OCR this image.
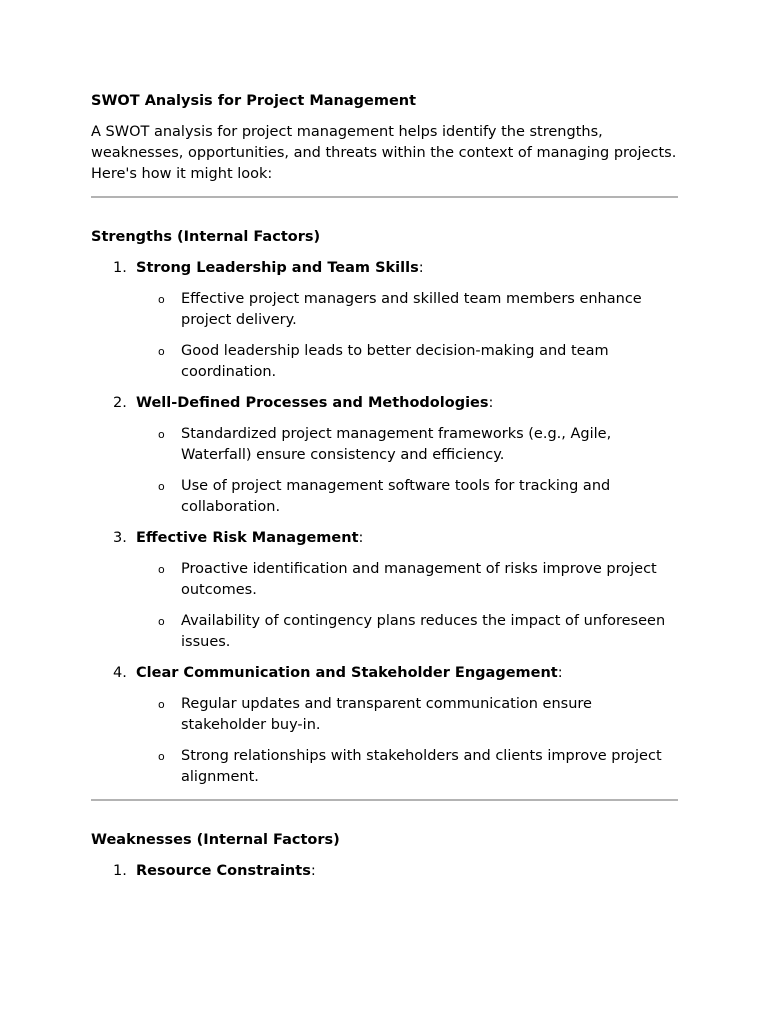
SWOT Analysis for Project Management
A SWOT analysis for project management helps identify the strengths, weaknesses, opportunities, and threats within the context of managing projects. Here's how it might look:
Strengths (Internal Factors)
1. Strong Leadership and Team Skills:
o Effective project managers and skilled team members enhance project delivery.
o Good leadership leads to better decision-making and team coordination.
2. Well-Defined Processes and Methodologies:
o Standardized project management frameworks (e.g., Agile, Waterfall) ensure consistency and efficiency.
o Use of project management software tools for tracking and collaboration.
3. Effective Risk Management:
o Proactive identification and management of risks improve project outcomes.
o Availability of contingency plans reduces the impact of unforeseen issues.
4. Clear Communication and Stakeholder Engagement:
o Regular updates and transparent communication ensure stakeholder buy-in.
o Strong relationships with stakeholders and clients improve project alignment.
Weaknesses (Internal Factors)
1. Resource Constraints:
